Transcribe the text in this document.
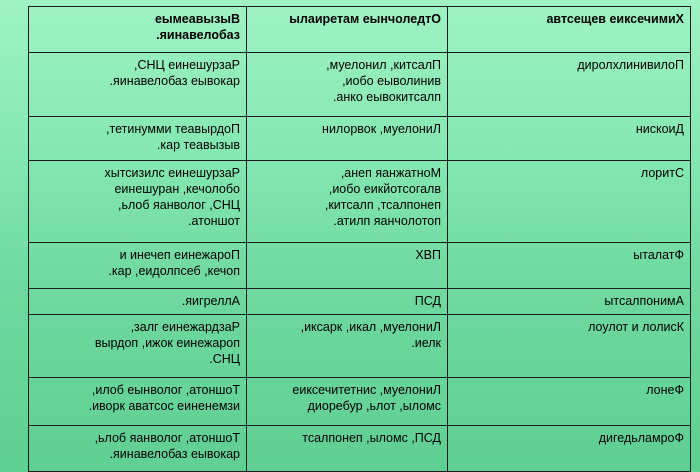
Вызываемые
заболевания.	Отделочные материалы	Химические вещества
Разрушение ЦНС,
раковые заболевания.	Пластик, линолеум,
виниловые обои,
пластиковые окна.	Поливинилхлорид
Подрывает иммунитет,
вызывает рак.	Линолеум, ковролин	Диоксин
Разрушение слизистых
оболочек, нарушение
ЦНС, головная боль,
тошнота.	Монтажная пена,
влагостойкие обои,
пенопласт, пластик,
потолочная плита.	Стирол
Поражение печени и
почек, бесплодие, рак.	ПВХ	Фталаты
Аллергия.	ДСП	Аминопласты
Раздражение глаз,
поражение кожи, подрыв
ЦНС.	Линолеум, лаки, краски,
клеи.	Ксилол и толуол
Тошнота, головные боли,
изменение состава крови.	Линолеум, синтетические
смолы, толь, рубероид	Фенол
Тошнота, головная боль,
раковые заболевания.	ДСП, смолы, пенопласт	Формальдегид
